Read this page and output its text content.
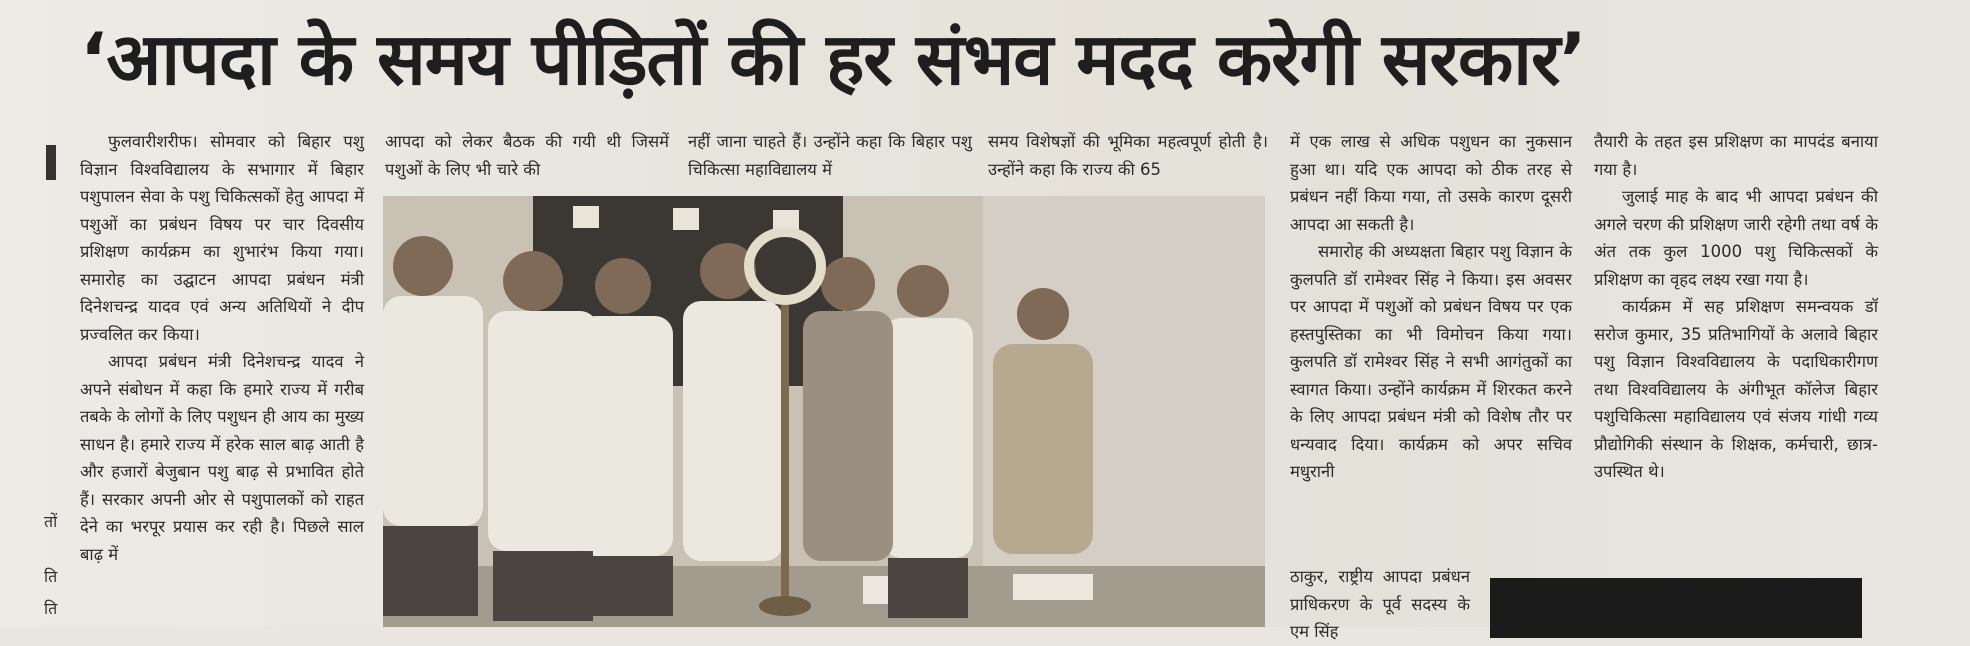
‘आपदा के समय पीड़ितों की हर संभव मदद करेगी सरकार’
तों
ति
ति

फुलवारीशरीफ। सोमवार को बिहार पशु विज्ञान विश्वविद्यालय के सभागार में बिहार पशुपालन सेवा के पशु चिकित्सकों हेतु आपदा में पशुओं का प्रबंधन विषय पर चार दिवसीय प्रशिक्षण कार्यक्रम का शुभारंभ किया गया। समारोह का उद्घाटन आपदा प्रबंधन मंत्री दिनेशचन्द्र यादव एवं अन्य अतिथियों ने दीप प्रज्वलित कर किया।

आपदा प्रबंधन मंत्री दिनेशचन्द्र यादव ने अपने संबोधन में कहा कि हमारे राज्य में गरीब तबके के लोगों के लिए पशुधन ही आय का मुख्य साधन है। हमारे राज्य में हरेक साल बाढ़ आती है और हजारों बेजुबान पशु बाढ़ से प्रभावित होते हैं। सरकार अपनी ओर से पशुपालकों को राहत देने का भरपूर प्रयास कर रही है। पिछले साल बाढ़ में

आपदा को लेकर बैठक की गयी थी जिसमें पशुओं के लिए भी चारे की

नहीं जाना चाहते हैं। उन्होंने कहा कि बिहार पशु चिकित्सा महाविद्यालय में

समय विशेषज्ञों की भूमिका महत्वपूर्ण होती है। उन्होंने कहा कि राज्य की 65

में एक लाख से अधिक पशुधन का नुकसान हुआ था। यदि एक आपदा को ठीक तरह से प्रबंधन नहीं किया गया, तो उसके कारण दूसरी आपदा आ सकती है।

समारोह की अध्यक्षता बिहार पशु विज्ञान के कुलपति डॉ रामेश्वर सिंह ने किया। इस अवसर पर आपदा में पशुओं को प्रबंधन विषय पर एक हस्तपुस्तिका का भी विमोचन किया गया। कुलपति डॉ रामेश्वर सिंह ने सभी आगंतुकों का स्वागत किया। उन्होंने कार्यक्रम में शिरकत करने के लिए आपदा प्रबंधन मंत्री को विशेष तौर पर धन्यवाद दिया। कार्यक्रम को अपर सचिव मधुरानी

ठाकुर, राष्ट्रीय आपदा प्रबंधन प्राधिकरण के पूर्व सदस्य के एम सिंह

तैयारी के तहत इस प्रशिक्षण का मापदंड बनाया गया है।

जुलाई माह के बाद भी आपदा प्रबंधन की अगले चरण की प्रशिक्षण जारी रहेगी तथा वर्ष के अंत तक कुल 1000 पशु चिकित्सकों के प्रशिक्षण का वृहद लक्ष्य रखा गया है।

कार्यक्रम में सह प्रशिक्षण समन्वयक डॉ सरोज कुमार, 35 प्रतिभागियों के अलावे बिहार पशु विज्ञान विश्वविद्यालय के पदाधिकारीगण तथा विश्वविद्यालय के अंगीभूत कॉलेज बिहार पशुचिकित्सा महाविद्यालय एवं संजय गांधी गव्य प्रौद्योगिकी संस्थान के शिक्षक, कर्मचारी, छात्र-उपस्थित थे।
